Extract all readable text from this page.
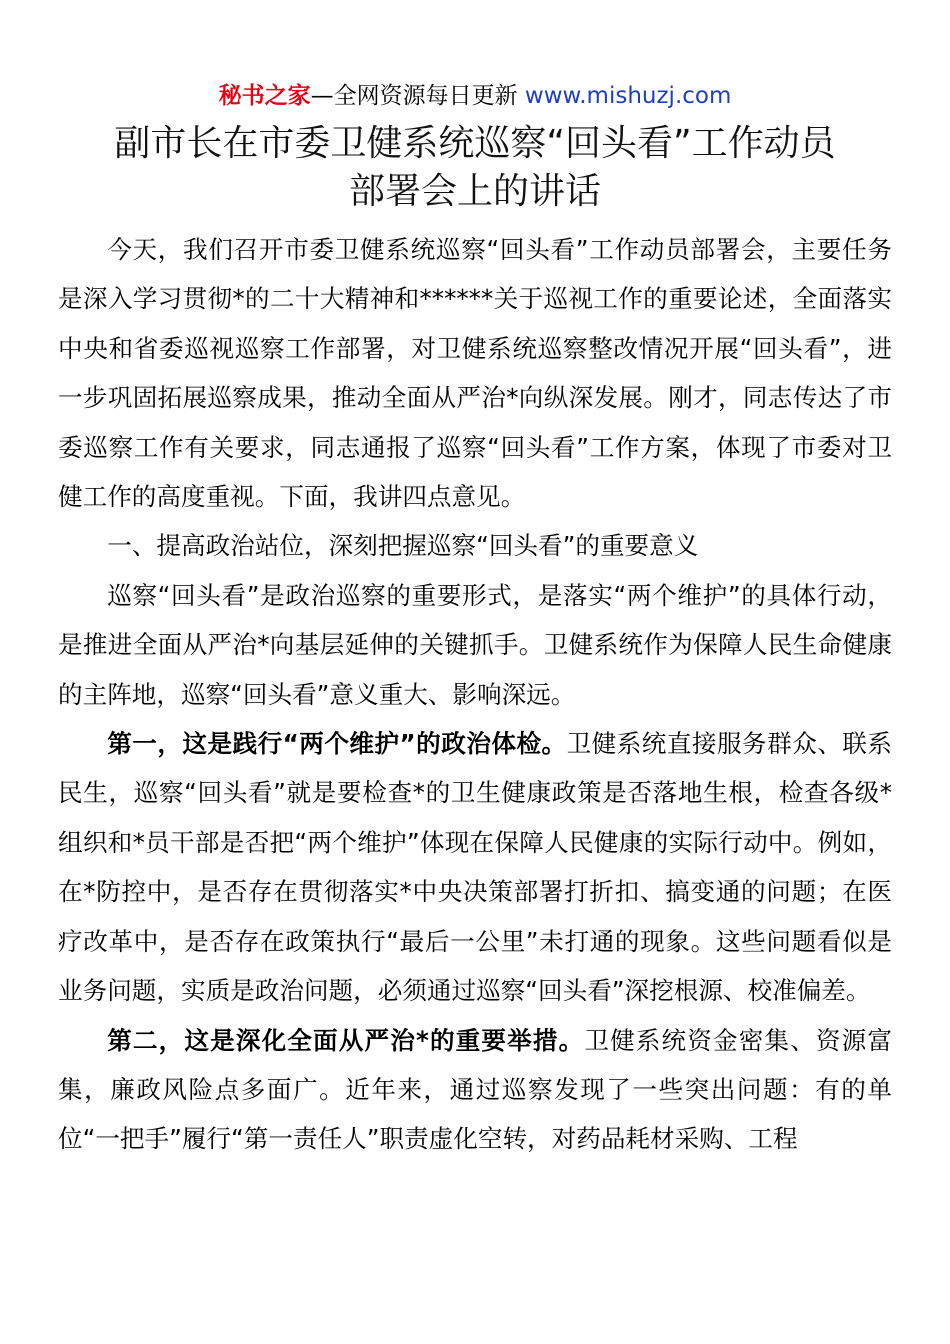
秘书之家—全网资源每日更新 www.mishuzj.com
副市长在市委卫健系统巡察“回头看”工作动员
部署会上的讲话

今天，我们召开市委卫健系统巡察“回头看”工作动员部署会，主要任务是深入学习贯彻*的二十大精神和******关于巡视工作的重要论述，全面落实中央和省委巡视巡察工作部署，对卫健系统巡察整改情况开展“回头看”，进一步巩固拓展巡察成果，推动全面从严治*向纵深发展。刚才，同志传达了市委巡察工作有关要求，同志通报了巡察“回头看”工作方案，体现了市委对卫健工作的高度重视。下面，我讲四点意见。

一、提高政治站位，深刻把握巡察“回头看”的重要意义

巡察“回头看”是政治巡察的重要形式，是落实“两个维护”的具体行动，是推进全面从严治*向基层延伸的关键抓手。卫健系统作为保障人民生命健康的主阵地，巡察“回头看”意义重大、影响深远。

第一，这是践行“两个维护”的政治体检。卫健系统直接服务群众、联系民生，巡察“回头看”就是要检查*的卫生健康政策是否落地生根，检查各级*组织和*员干部是否把“两个维护”体现在保障人民健康的实际行动中。例如，在*防控中，是否存在贯彻落实*中央决策部署打折扣、搞变通的问题；在医疗改革中，是否存在政策执行“最后一公里”未打通的现象。这些问题看似是业务问题，实质是政治问题，必须通过巡察“回头看”深挖根源、校准偏差。

第二，这是深化全面从严治*的重要举措。卫健系统资金密集、资源富集，廉政风险点多面广。近年来，通过巡察发现了一些突出问题：有的单位“一把手”履行“第一责任人”职责虚化空转，对药品耗材采购、工程
